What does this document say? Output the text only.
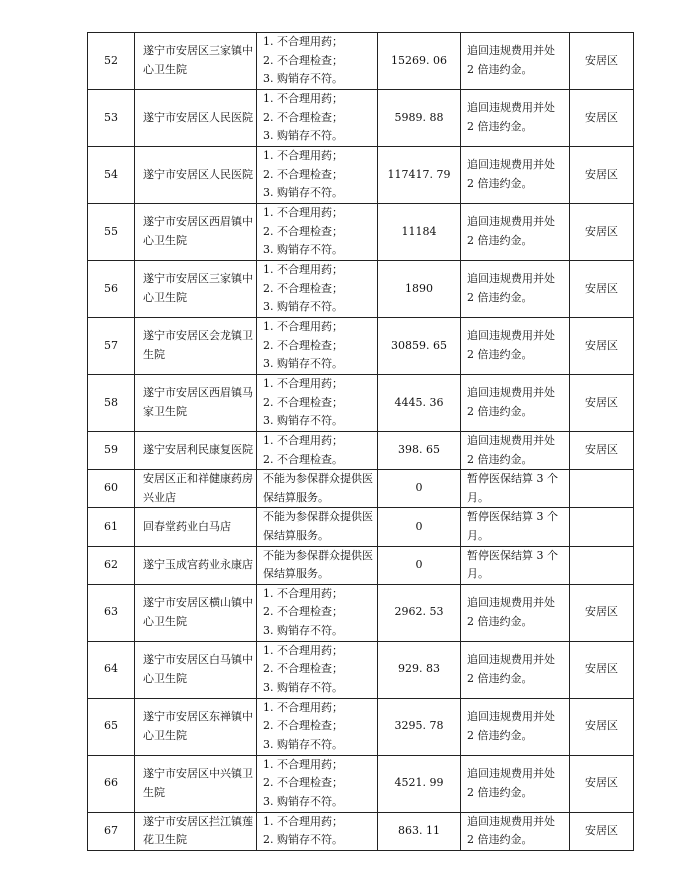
52	遂宁市安居区三家镇中心卫生院	1. 不合理用药；
2. 不合理检查；
3. 购销存不符。	15269. 06	追回违规费用并处 2 倍违约金。	安居区

53	遂宁市安居区人民医院	1. 不合理用药；
2. 不合理检查；
3. 购销存不符。	5989. 88	追回违规费用并处 2 倍违约金。	安居区

54	遂宁市安居区人民医院	1. 不合理用药；
2. 不合理检查；
3. 购销存不符。	117417. 79	追回违规费用并处 2 倍违约金。	安居区

55	遂宁市安居区西眉镇中心卫生院	1. 不合理用药；
2. 不合理检查；
3. 购销存不符。	11184	追回违规费用并处 2 倍违约金。	安居区

56	遂宁市安居区三家镇中心卫生院	1. 不合理用药；
2. 不合理检查；
3. 购销存不符。	1890	追回违规费用并处 2 倍违约金。	安居区

57	遂宁市安居区会龙镇卫生院	1. 不合理用药；
2. 不合理检查；
3. 购销存不符。	30859. 65	追回违规费用并处 2 倍违约金。	安居区

58	遂宁市安居区西眉镇马家卫生院	1. 不合理用药；
2. 不合理检查；
3. 购销存不符。	4445. 36	追回违规费用并处 2 倍违约金。	安居区

59	遂宁安居利民康复医院	1. 不合理用药；
2. 不合理检查。	398. 65	追回违规费用并处 2 倍违约金。	安居区

60	安居区正和祥健康药房兴业店	不能为参保群众提供医保结算服务。	0	暂停医保结算 3 个月。	

61	回春堂药业白马店	不能为参保群众提供医保结算服务。	0	暂停医保结算 3 个月。	

62	遂宁玉成宫药业永康店	不能为参保群众提供医保结算服务。	0	暂停医保结算 3 个月。	

63	遂宁市安居区横山镇中心卫生院	1. 不合理用药；
2. 不合理检查；
3. 购销存不符。	2962. 53	追回违规费用并处 2 倍违约金。	安居区

64	遂宁市安居区白马镇中心卫生院	1. 不合理用药；
2. 不合理检查；
3. 购销存不符。	929. 83	追回违规费用并处 2 倍违约金。	安居区

65	遂宁市安居区东禅镇中心卫生院	1. 不合理用药；
2. 不合理检查；
3. 购销存不符。	3295. 78	追回违规费用并处 2 倍违约金。	安居区

66	遂宁市安居区中兴镇卫生院	1. 不合理用药；
2. 不合理检查；
3. 购销存不符。	4521. 99	追回违规费用并处 2 倍违约金。	安居区

67	遂宁市安居区拦江镇莲花卫生院	1. 不合理用药；
2. 购销存不符。	863. 11	追回违规费用并处 2 倍违约金。	安居区
